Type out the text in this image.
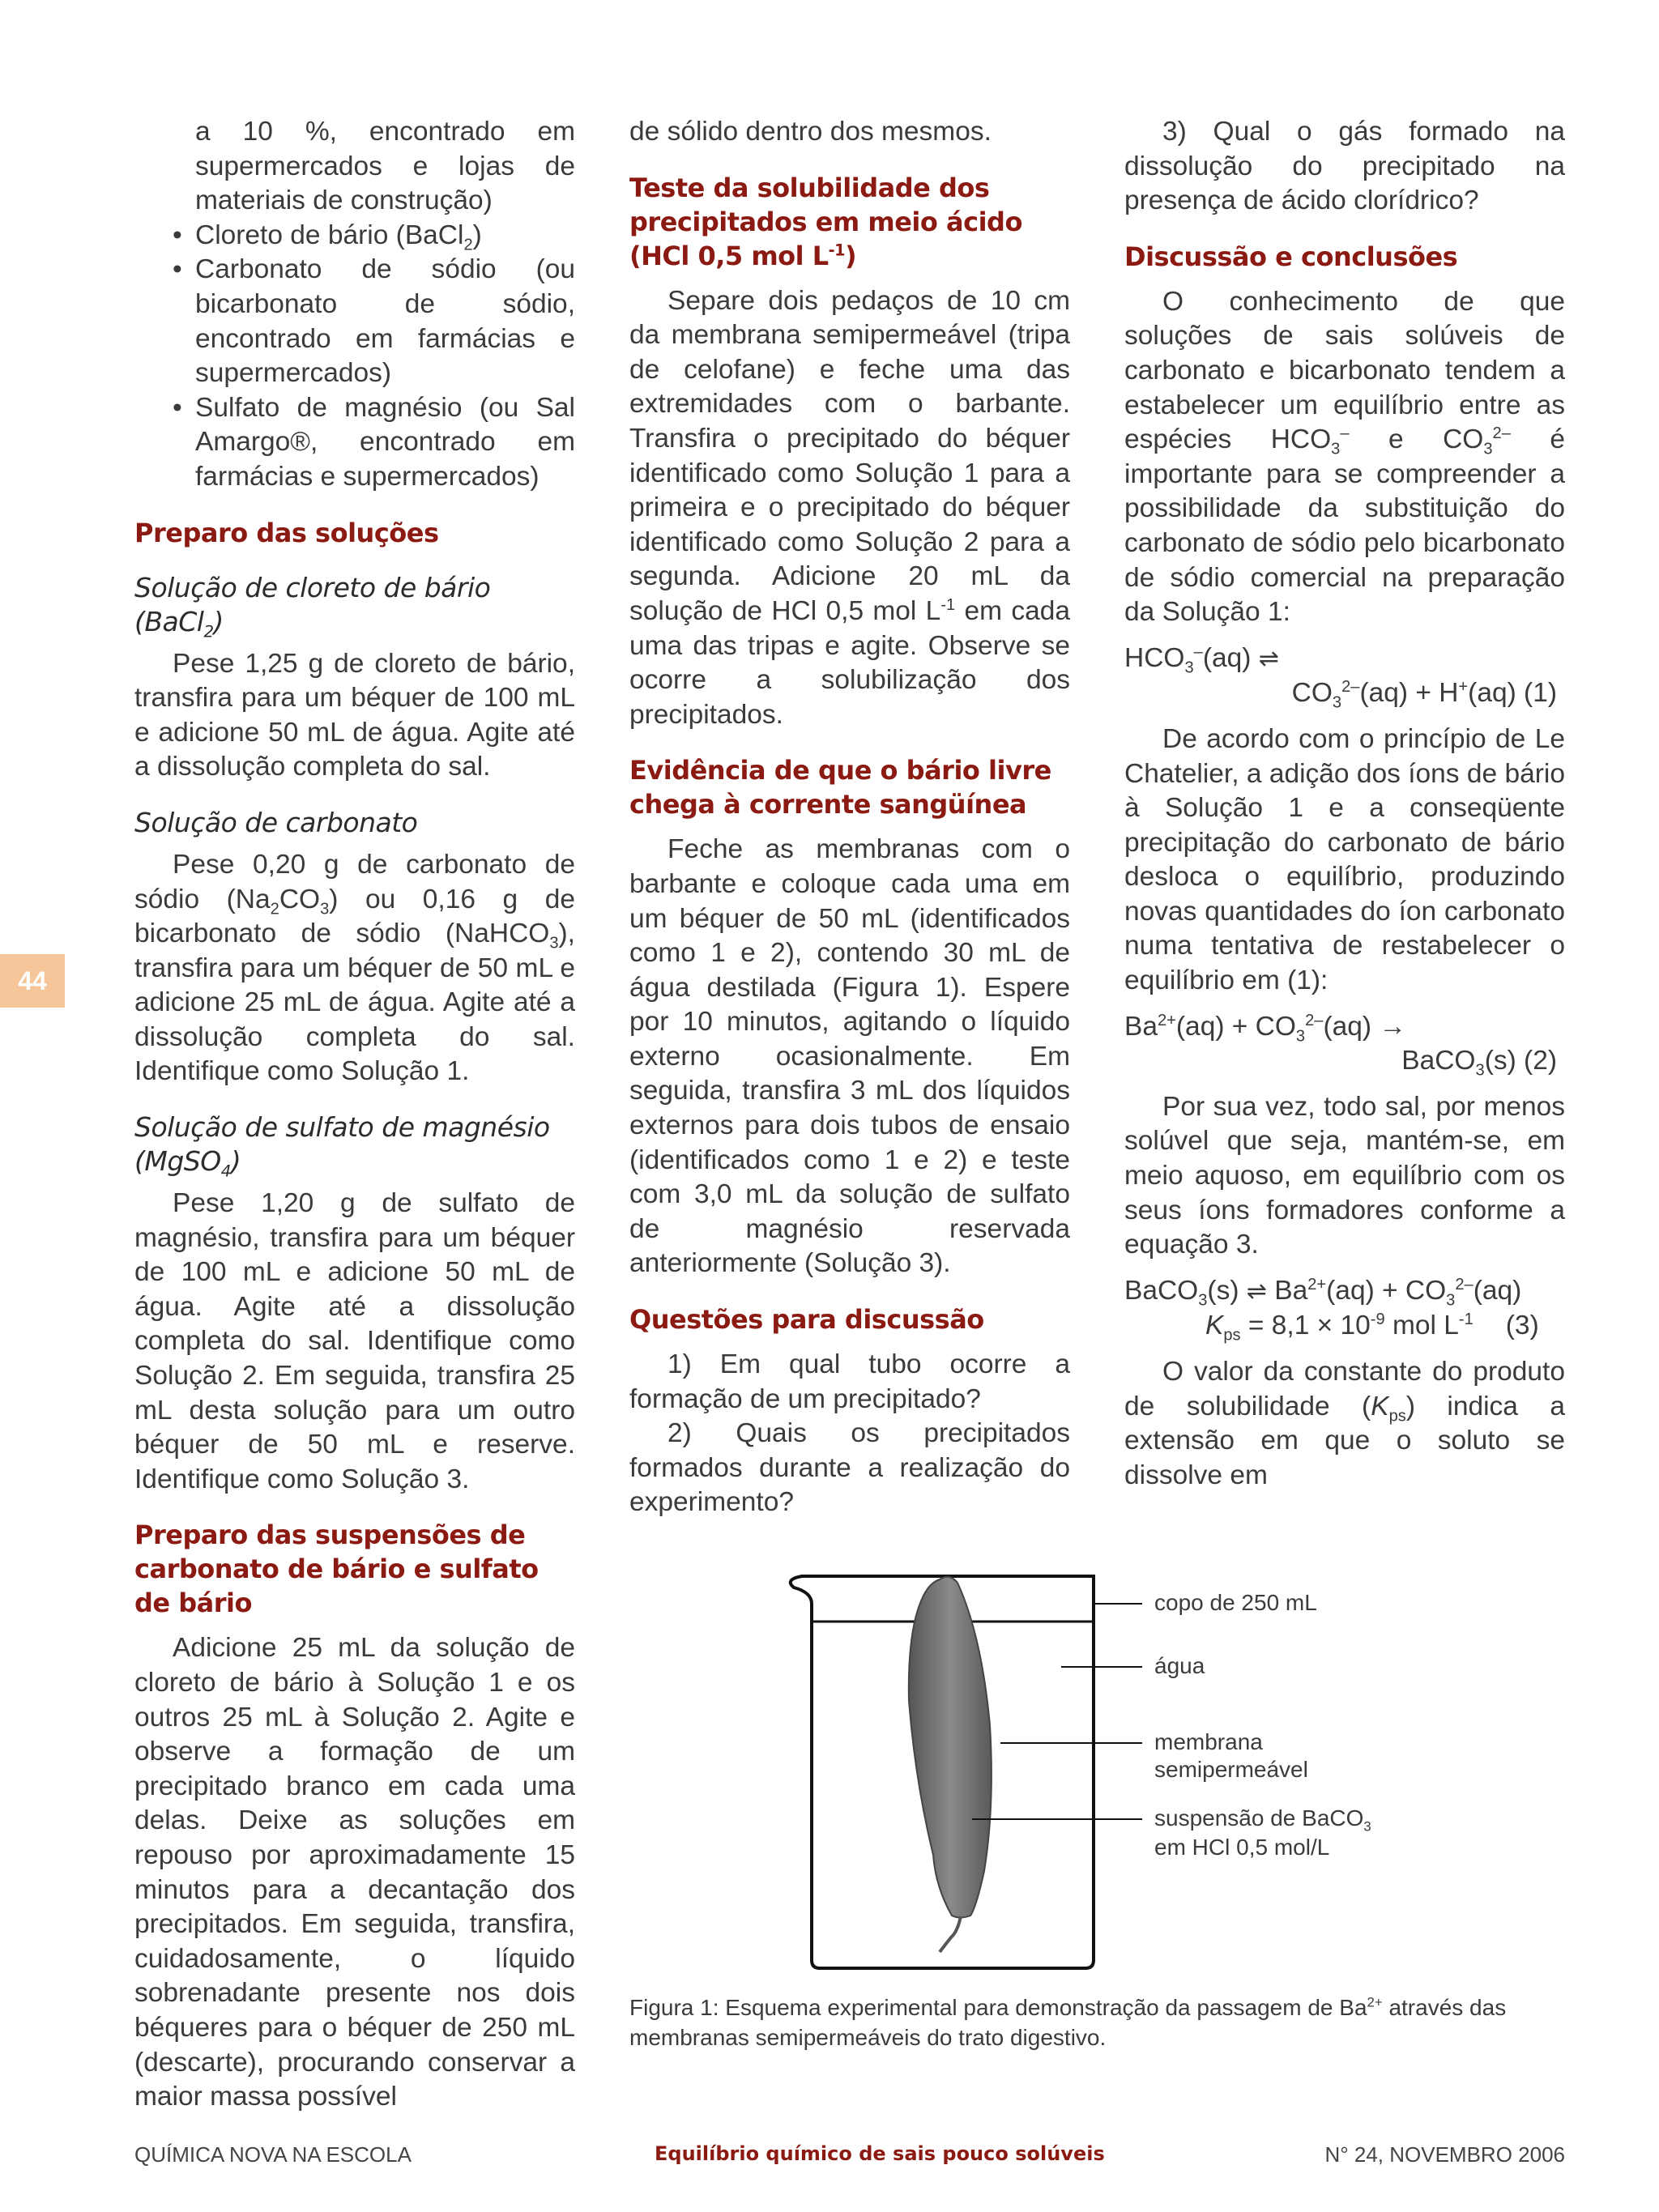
44

a 10 %, encontrado em supermercados e lojas de materiais de construção)

• Cloreto de bário (BaCl$_2$)
• Carbonato de sódio (ou bicarbonato de sódio, encontrado em farmácias e supermercados)
• Sulfato de magnésio (ou Sal Amargo®, encontrado em farmácias e supermercados)
Preparo das soluções
Solução de cloreto de bário (BaCl$_2$)

Pese 1,25 g de cloreto de bário, transfira para um béquer de 100 mL e adicione 50 mL de água. Agite até a dissolução completa do sal.

Solução de carbonato

Pese 0,20 g de carbonato de sódio $(Na_2CO_3)$ ou 0,16 g de bicarbonato de sódio (NaHCO$_3$), transfira para um béquer de 50 mL e adicione 25 mL de água. Agite até a dissolução completa do sal. Identifique como Solução 1.

Solução de sulfato de magnésio (MgSO$_4$)

Pese 1,20 g de sulfato de magnésio, transfira para um béquer de 100 mL e adicione 50 mL de água. Agite até a dissolução completa do sal. Identifique como Solução 2. Em seguida, transfira 25 mL desta solução para um outro béquer de 50 mL e reserve. Identifique como Solução 3.

Preparo das suspensões de carbonato de bário e sulfato de bário

Adicione 25 mL da solução de cloreto de bário à Solução 1 e os outros 25 mL à Solução 2. Agite e observe a formação de um precipitado branco em cada uma delas. Deixe as soluções em repouso por aproximadamente 15 minutos para a decantação dos precipitados. Em seguida, transfira, cuidadosamente, o líquido sobrenadante presente nos dois béqueres para o béquer de 250 mL (descarte), procurando conservar a maior massa possível

de sólido dentro dos mesmos.

Teste da solubilidade dos precipitados em meio ácido (HCl 0,5 mol $L^{-1}$)

Separe dois pedaços de 10 cm da membrana semipermeável (tripa de celofane) e feche uma das extremidades com o barbante. Transfira o precipitado do béquer identificado como Solução 1 para a primeira e o precipitado do béquer identificado como Solução 2 para a segunda. Adicione 20 mL da solução de HCl 0,5 mol $L^{-1}$ em cada uma das tripas e agite. Observe se ocorre a solubilização dos precipitados.

Evidência de que o bário livre chega à corrente sangüínea

Feche as membranas com o barbante e coloque cada uma em um béquer de 50 mL (identificados como 1 e 2), contendo 30 mL de água destilada (Figura 1). Espere por 10 minutos, agitando o líquido externo ocasionalmente. Em seguida, transfira 3 mL dos líquidos externos para dois tubos de ensaio (identificados como 1 e 2) e teste com 3,0 mL da solução de sulfato de magnésio reservada anteriormente (Solução 3).

Questões para discussão

1) Em qual tubo ocorre a formação de um precipitado?

2) Quais os precipitados formados durante a realização do experimento?

3) Qual o gás formado na dissolução do precipitado na presença de ácido clorídrico?

Discussão e conclusões

O conhecimento de que soluções de sais solúveis de carbonato e bicarbonato tendem a estabelecer um equilíbrio entre as espécies $HCO_3^-$ e $CO_3^{2-}$ é importante para se compreender a possibilidade da substituição do carbonato de sódio pelo bicarbonato de sódio comercial na preparação da Solução 1:

$HCO_3^-(aq)$ ⇌
$CO_3^{2-}(aq) + H^+(aq)$ (1)

De acordo com o princípio de Le Chatelier, a adição dos íons de bário à Solução 1 e a conseqüente precipitação do carbonato de bário desloca o equilíbrio, produzindo novas quantidades do íon carbonato numa tentativa de restabelecer o equilíbrio em (1):

$Ba^{2+}(aq) + CO_3^{2-}(aq)$ →
BaCO$_3$(s) (2)

Por sua vez, todo sal, por menos solúvel que seja, mantém-se, em meio aquoso, em equilíbrio com os seus íons formadores conforme a equação 3.

BaCO$_3$(s) ⇌ $Ba^{2+}(aq) + CO_3^{2-}(aq)$
$K_{ps} = 8,1 \times 10^{-9}$ mol $L^{-1}$ (3)

O valor da constante do produto de solubilidade $(K_{ps})$ indica a extensão em que o soluto se dissolve em

copo de 250 mL
água
membrana
semipermeável
suspensão de BaCO$_3$
em HCl 0,5 mol/L
Figura 1: Esquema experimental para demonstração da passagem de $Ba^{2+}$ através das membranas semipermeáveis do trato digestivo.
QUÍMICA NOVA NA ESCOLA	Equilíbrio químico de sais pouco solúveis	N° 24, NOVEMBRO 2006
